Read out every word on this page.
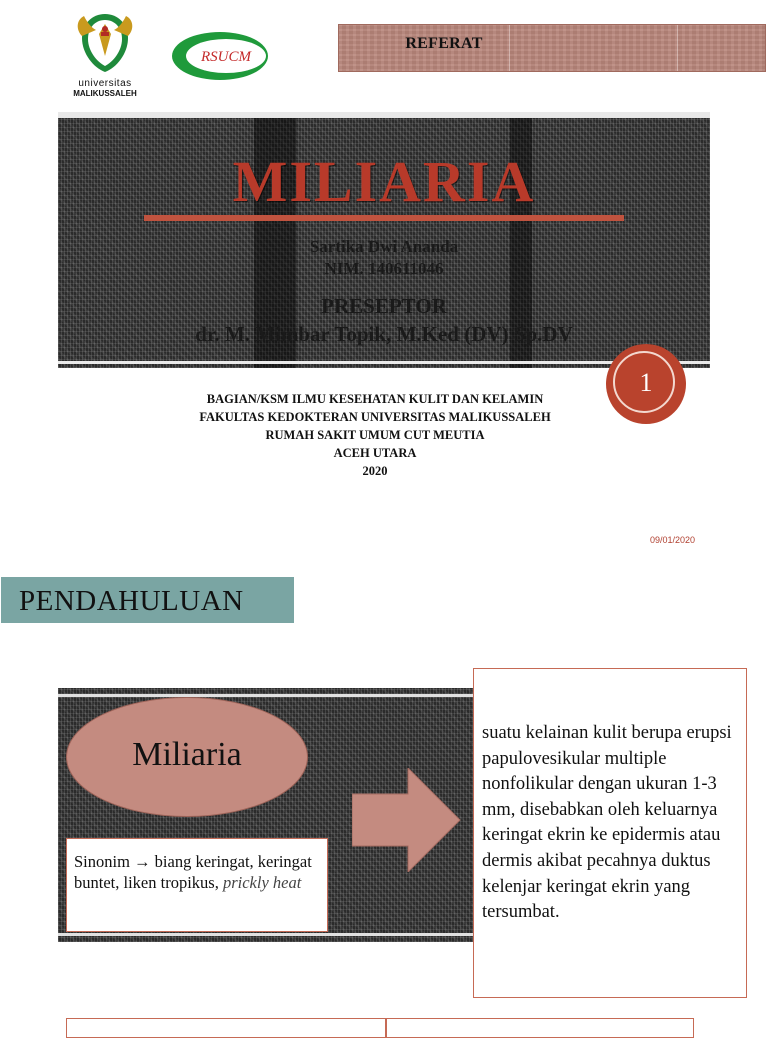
universitas
MALIKUSSALEH
RSUCM
REFERAT
MILIARIA
Sartika Dwi Ananda
NIM. 140611046
PRESEPTOR
dr. M. Mimbar Topik, M.Ked (DV) Sp.DV
1
BAGIAN/KSM ILMU KESEHATAN KULIT DAN KELAMIN
FAKULTAS KEDOKTERAN UNIVERSITAS MALIKUSSALEH
RUMAH SAKIT UMUM CUT MEUTIA
ACEH UTARA
2020
09/01/2020
PENDAHULUAN
Miliaria
Sinonim → biang keringat, keringat buntet, liken tropikus, prickly heat
suatu kelainan kulit berupa erupsi papulovesikular multiple nonfolikular dengan ukuran 1-3 mm, disebabkan oleh keluarnya keringat ekrin ke epidermis atau dermis akibat pecahnya duktus kelenjar keringat ekrin yang tersumbat.
